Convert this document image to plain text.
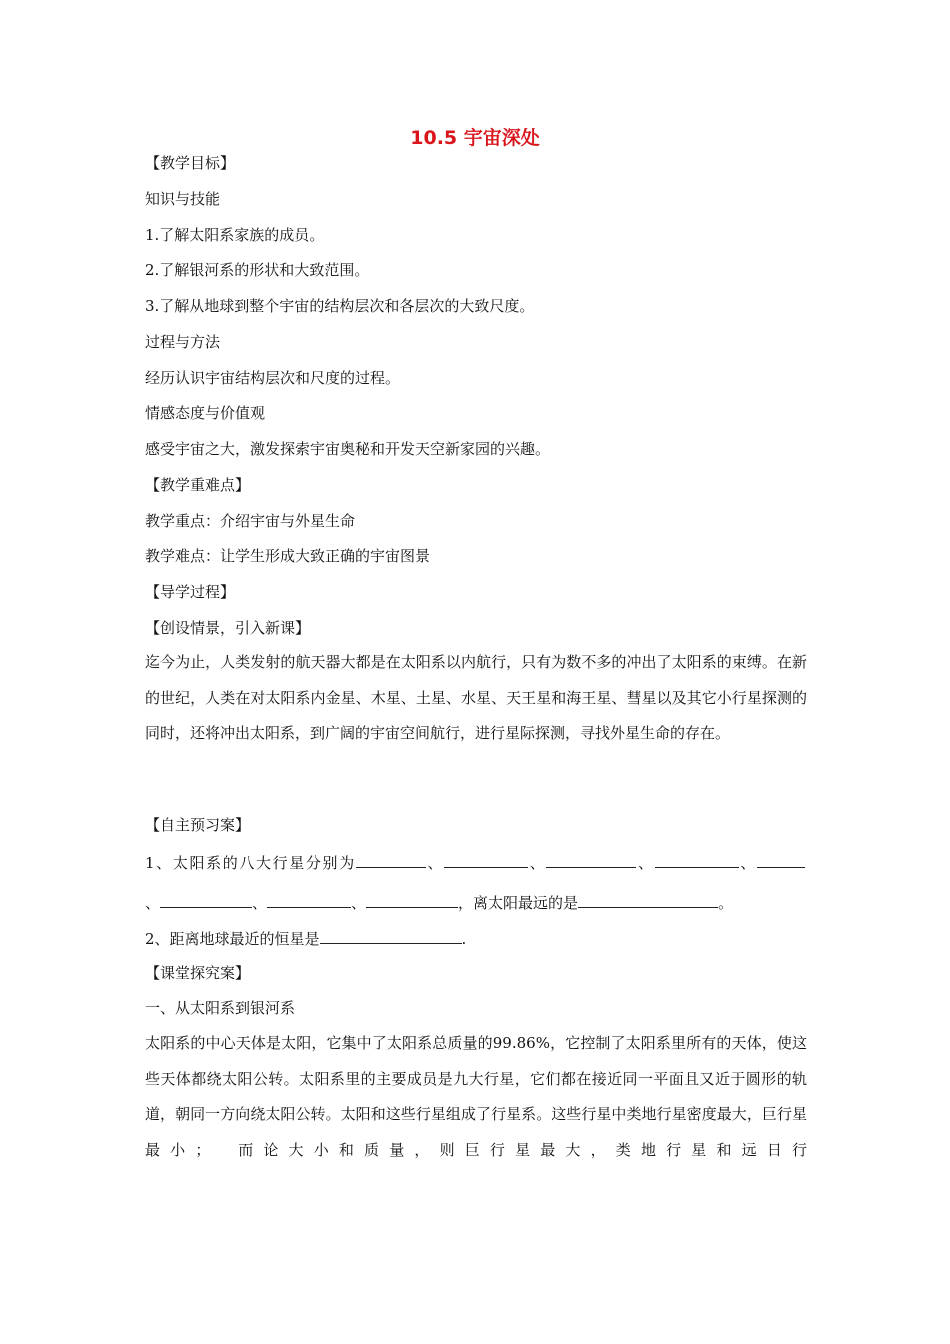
10.5 宇宙深处
【教学目标】
知识与技能
1.了解太阳系家族的成员。
2.了解银河系的形状和大致范围。
3.了解从地球到整个宇宙的结构层次和各层次的大致尺度。
过程与方法
经历认识宇宙结构层次和尺度的过程。
情感态度与价值观
感受宇宙之大，激发探索宇宙奥秘和开发天空新家园的兴趣。
【教学重难点】
教学重点：介绍宇宙与外星生命
教学难点：让学生形成大致正确的宇宙图景
【导学过程】
【创设情景，引入新课】
迄今为止，人类发射的航天器大都是在太阳系以内航行，只有为数不多的冲出了太阳系的束缚。在新的世纪，人类在对太阳系内金星、木星、土星、水星、天王星和海王星、彗星以及其它小行星探测的同时，还将冲出太阳系，到广阔的宇宙空间航行，进行星际探测，寻找外星生命的存在。
【自主预习案】
1、太阳系的八大行星分别为	、	、	、	、
、	、	、	，离太阳最远的是	。
2、距离地球最近的恒星是	.
【课堂探究案】
一、从太阳系到银河系
太阳系的中心天体是太阳，它集中了太阳系总质量的99.86%，它控制了太阳系里所有的天体，使这些天体都绕太阳公转。太阳系里的主要成员是九大行星，它们都在接近同一平面且又近于圆形的轨道，朝同一方向绕太阳公转。太阳和这些行星组成了行星系。这些行星中类地行星密度最大，巨行星最小；　而论大小和质量，则巨行星最大，类地行星和远日行
